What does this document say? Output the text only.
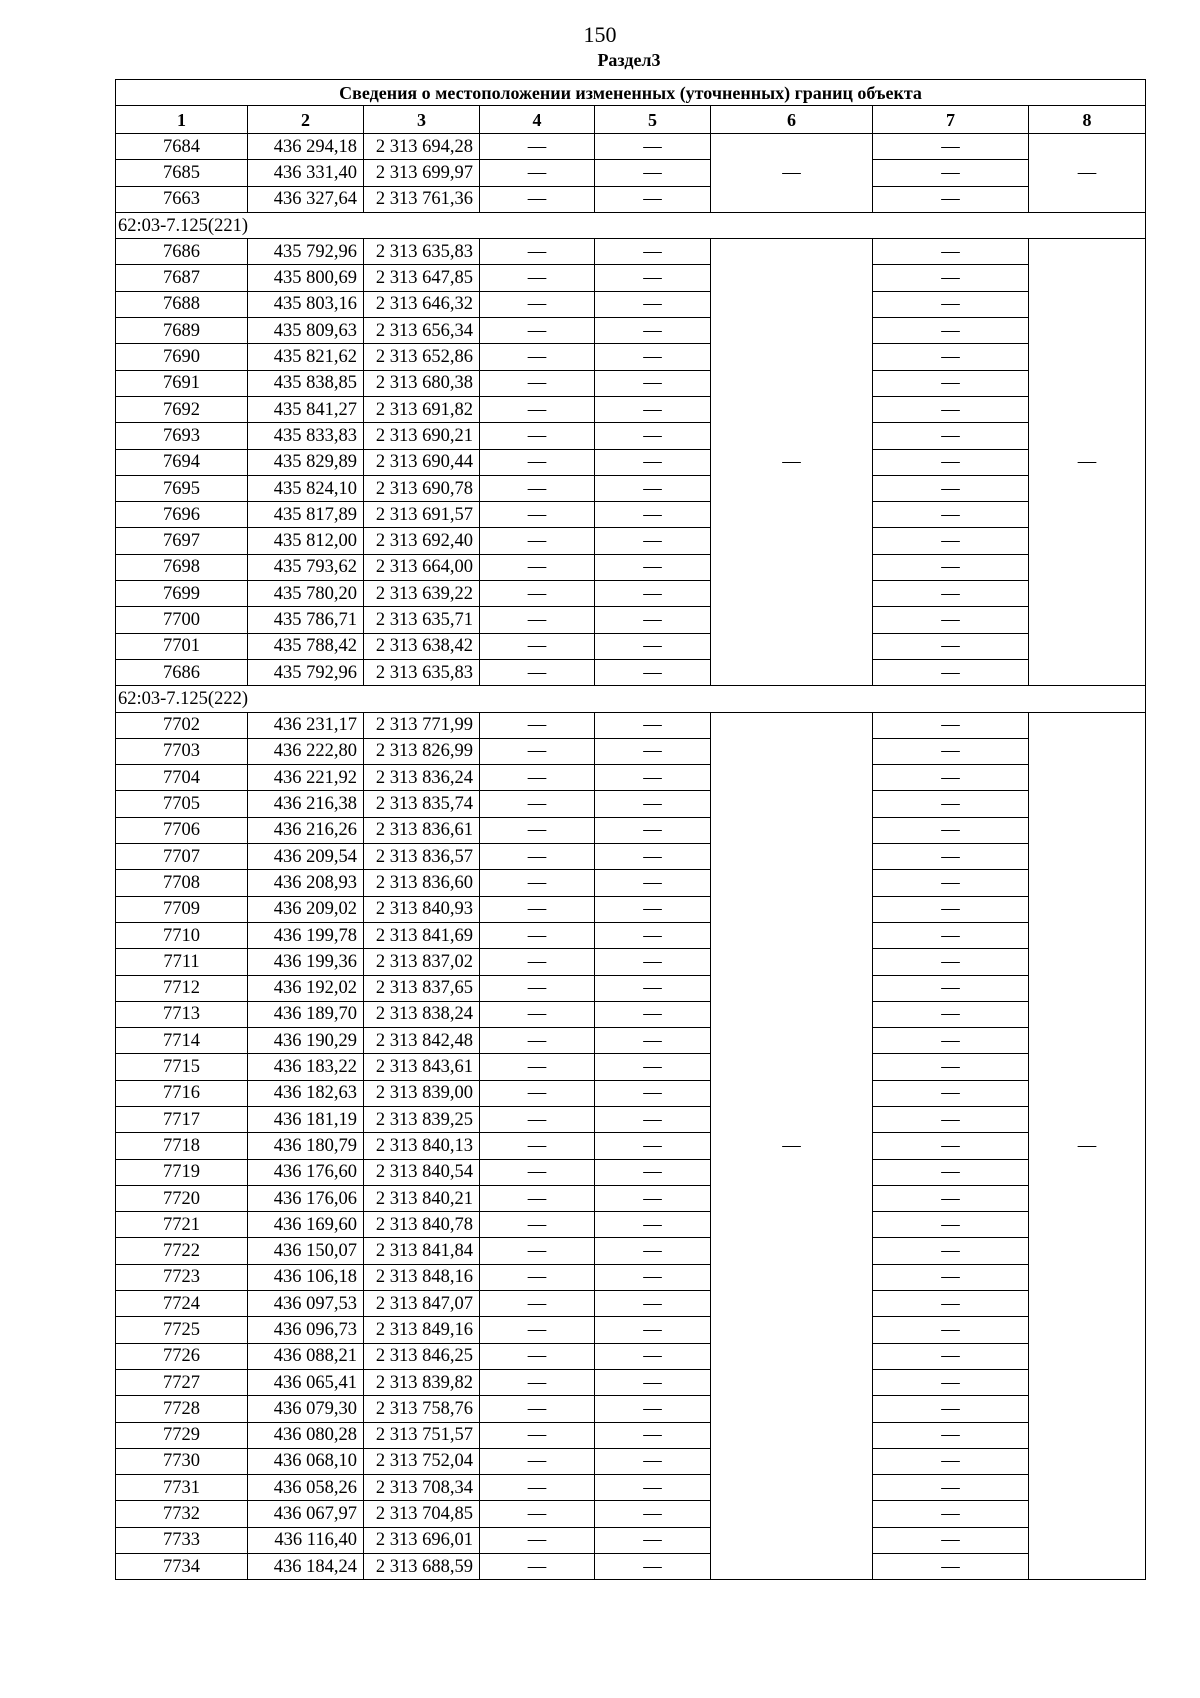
150
Раздел3
Сведения о местоположении измененных (уточненных) границ объекта							
1	2	3	4	5	6	7	8
7684	436 294,18	2 313 694,28	—	—	—	—	—
7685	436 331,40	2 313 699,97	—	—		—	
7663	436 327,64	2 313 761,36	—	—		—	
62:03-7.125(221)							
7686	435 792,96	2 313 635,83	—	—	—	—	—
7687	435 800,69	2 313 647,85	—	—		—	
7688	435 803,16	2 313 646,32	—	—		—	
7689	435 809,63	2 313 656,34	—	—		—	
7690	435 821,62	2 313 652,86	—	—		—	
7691	435 838,85	2 313 680,38	—	—		—	
7692	435 841,27	2 313 691,82	—	—		—	
7693	435 833,83	2 313 690,21	—	—		—	
7694	435 829,89	2 313 690,44	—	—		—	
7695	435 824,10	2 313 690,78	—	—		—	
7696	435 817,89	2 313 691,57	—	—		—	
7697	435 812,00	2 313 692,40	—	—		—	
7698	435 793,62	2 313 664,00	—	—		—	
7699	435 780,20	2 313 639,22	—	—		—	
7700	435 786,71	2 313 635,71	—	—		—	
7701	435 788,42	2 313 638,42	—	—		—	
7686	435 792,96	2 313 635,83	—	—		—	
62:03-7.125(222)							
7702	436 231,17	2 313 771,99	—	—	—	—	—
7703	436 222,80	2 313 826,99	—	—		—	
7704	436 221,92	2 313 836,24	—	—		—	
7705	436 216,38	2 313 835,74	—	—		—	
7706	436 216,26	2 313 836,61	—	—		—	
7707	436 209,54	2 313 836,57	—	—		—	
7708	436 208,93	2 313 836,60	—	—		—	
7709	436 209,02	2 313 840,93	—	—		—	
7710	436 199,78	2 313 841,69	—	—		—	
7711	436 199,36	2 313 837,02	—	—		—	
7712	436 192,02	2 313 837,65	—	—		—	
7713	436 189,70	2 313 838,24	—	—		—	
7714	436 190,29	2 313 842,48	—	—		—	
7715	436 183,22	2 313 843,61	—	—		—	
7716	436 182,63	2 313 839,00	—	—		—	
7717	436 181,19	2 313 839,25	—	—		—	
7718	436 180,79	2 313 840,13	—	—		—	
7719	436 176,60	2 313 840,54	—	—		—	
7720	436 176,06	2 313 840,21	—	—		—	
7721	436 169,60	2 313 840,78	—	—		—	
7722	436 150,07	2 313 841,84	—	—		—	
7723	436 106,18	2 313 848,16	—	—		—	
7724	436 097,53	2 313 847,07	—	—		—	
7725	436 096,73	2 313 849,16	—	—		—	
7726	436 088,21	2 313 846,25	—	—		—	
7727	436 065,41	2 313 839,82	—	—		—	
7728	436 079,30	2 313 758,76	—	—		—	
7729	436 080,28	2 313 751,57	—	—		—	
7730	436 068,10	2 313 752,04	—	—		—	
7731	436 058,26	2 313 708,34	—	—		—	
7732	436 067,97	2 313 704,85	—	—		—	
7733	436 116,40	2 313 696,01	—	—		—	
7734	436 184,24	2 313 688,59	—	—		—	
